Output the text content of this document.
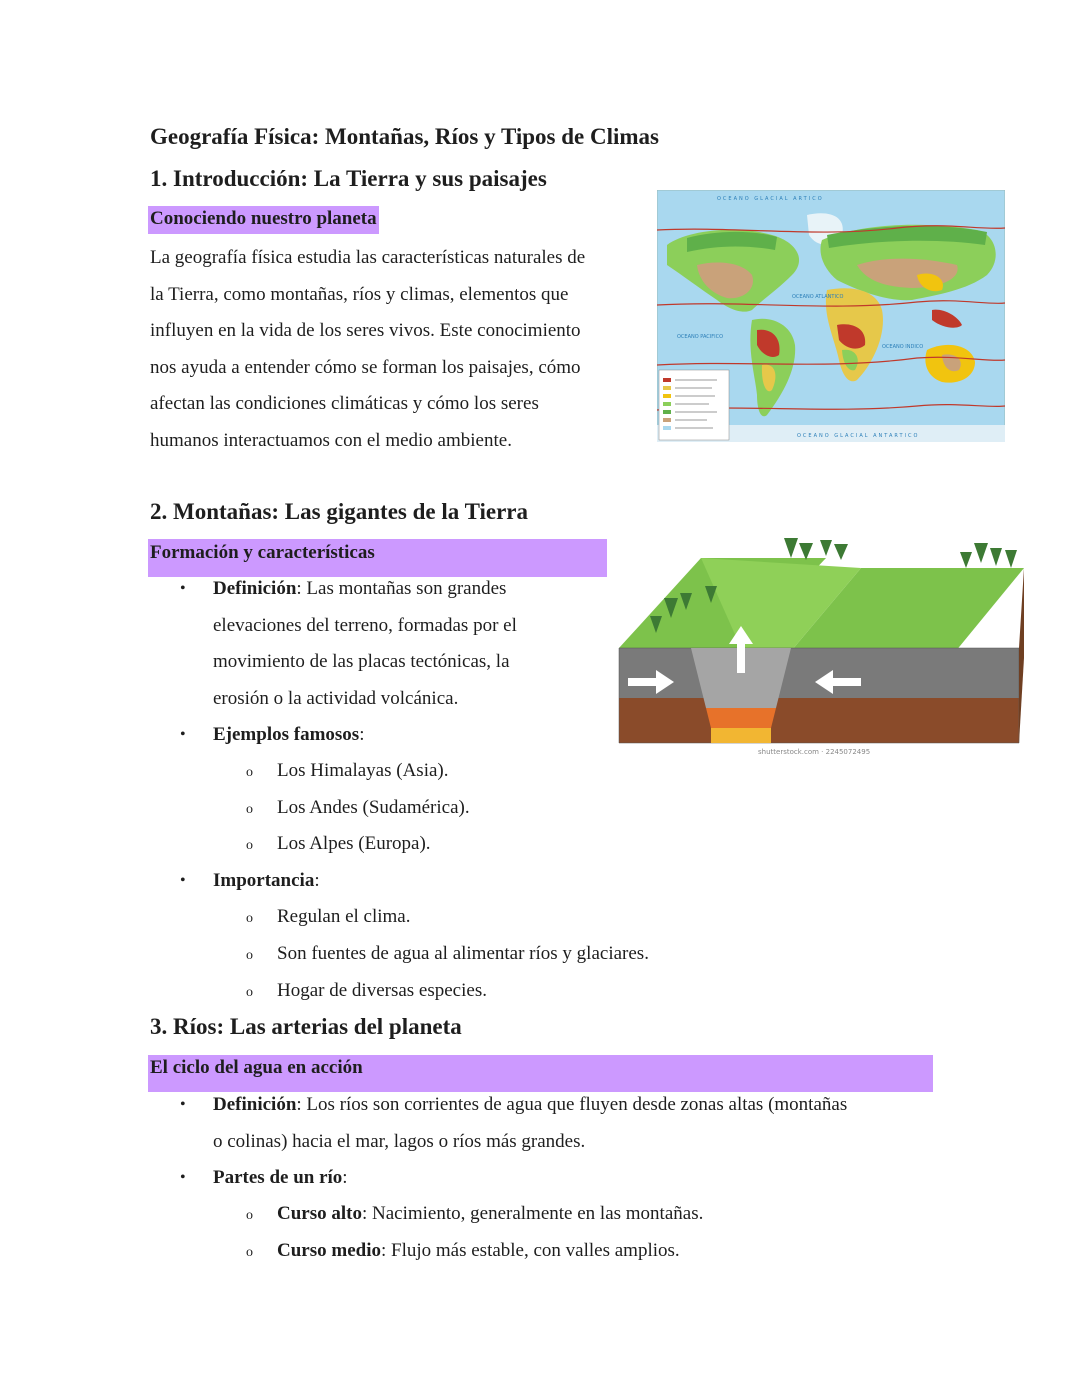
Geografía Física: Montañas, Ríos y Tipos de Climas
1. Introducción: La Tierra y sus paisajes
Conociendo nuestro planeta
La geografía física estudia las características naturales de
la Tierra, como montañas, ríos y climas, elementos que
influyen en la vida de los seres vivos. Este conocimiento
nos ayuda a entender cómo se forman los paisajes, cómo
afectan las condiciones climáticas y cómo los seres
humanos interactuamos con el medio ambiente.
OCEANO GLACIAL ARTICO
OCEANO GLACIAL ANTARTICO
OCEANO ATLANTICO
OCEANO PACIFICO
OCEANO INDICO
2. Montañas: Las gigantes de la Tierra
Formación y características
• Definición: Las montañas son grandes
elevaciones del terreno, formadas por el
movimiento de las placas tectónicas, la
erosión o la actividad volcánica.
• Ejemplos famosos:
o Los Himalayas (Asia).
o Los Andes (Sudamérica).
o Los Alpes (Europa).
• Importancia:
o Regulan el clima.
o Son fuentes de agua al alimentar ríos y glaciares.
o Hogar de diversas especies.
shutterstock.com · 2245072495
3. Ríos: Las arterias del planeta
El ciclo del agua en acción
• Definición: Los ríos son corrientes de agua que fluyen desde zonas altas (montañas
o colinas) hacia el mar, lagos o ríos más grandes.
• Partes de un río:
o Curso alto: Nacimiento, generalmente en las montañas.
o Curso medio: Flujo más estable, con valles amplios.
